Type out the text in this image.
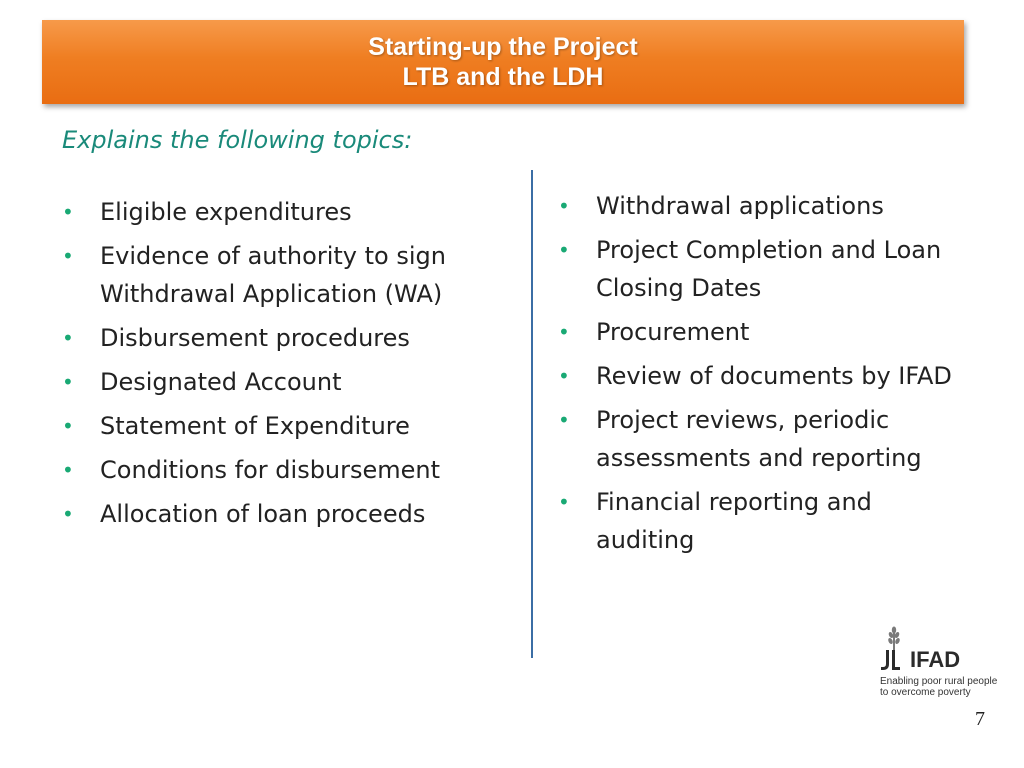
Starting-up the Project
LTB and the LDH
Explains the following topics:
• Eligible expenditures
• Evidence of authority to sign Withdrawal Application (WA)
• Disbursement procedures
• Designated Account
• Statement of Expenditure
• Conditions for disbursement
• Allocation of loan proceeds
• Withdrawal applications
• Project Completion and Loan Closing Dates
• Procurement
• Review of documents by IFAD
• Project reviews, periodic assessments and reporting
• Financial reporting and auditing
IFAD
Enabling poor rural people
to overcome poverty
7
